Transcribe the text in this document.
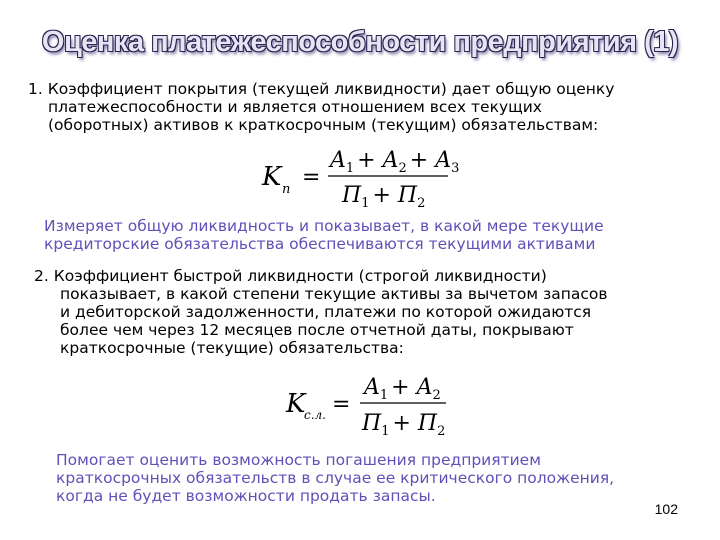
Оценка платежеспособности предприятия (1)
1. Коэффициент покрытия (текущей ликвидности) дает общую оценку
платежеспособности и является отношением всех текущих
(оборотных) активов к краткосрочным (текущим) обязательствам:
K п =
$A_1 + A_2 + A_3$
$П_1 + П_2$
Измеряет общую ликвидность и показывает, в какой мере текущие
кредиторские обязательства обеспечиваются текущими активами
2. Коэффициент быстрой ликвидности (строгой ликвидности)
показывает, в какой степени текущие активы за вычетом запасов
и дебиторской задолженности, платежи по которой ожидаются
более чем через 12 месяцев после отчетной даты, покрывают
краткосрочные (текущие) обязательства:
K
с.л. =
$A_1 + A_2$
$П_1 + П_2$
Помогает оценить возможность погашения предприятием
краткосрочных обязательств в случае ее критического положения,
когда не будет возможности продать запасы.
102
